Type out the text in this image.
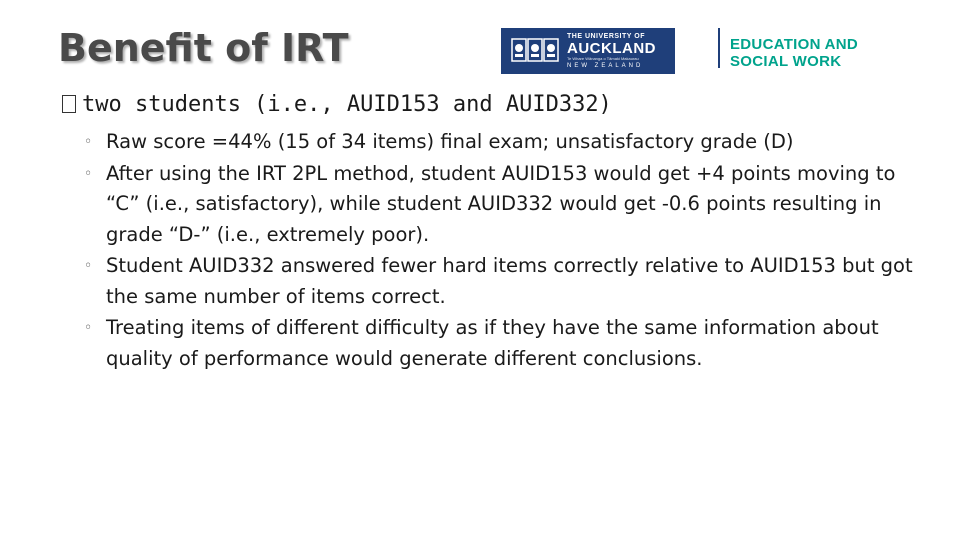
Benefit of IRT	THE UNIVERSITY OF
AUCKLAND
Te Whare Wānanga o Tāmaki Makaurau
NEW ZEALAND
EDUCATION AND
SOCIAL WORK
two students (i.e., AUID153 and AUID332)
◦ Raw score =44% (15 of 34 items) final exam; unsatisfactory grade (D)
◦ After using the IRT 2PL method, student AUID153 would get +4 points moving to “C” (i.e., satisfactory), while student AUID332 would get -0.6 points resulting in grade “D-” (i.e., extremely poor).
◦ Student AUID332 answered fewer hard items correctly relative to AUID153 but got the same number of items correct.
◦ Treating items of different difficulty as if they have the same information about quality of performance would generate different conclusions.
